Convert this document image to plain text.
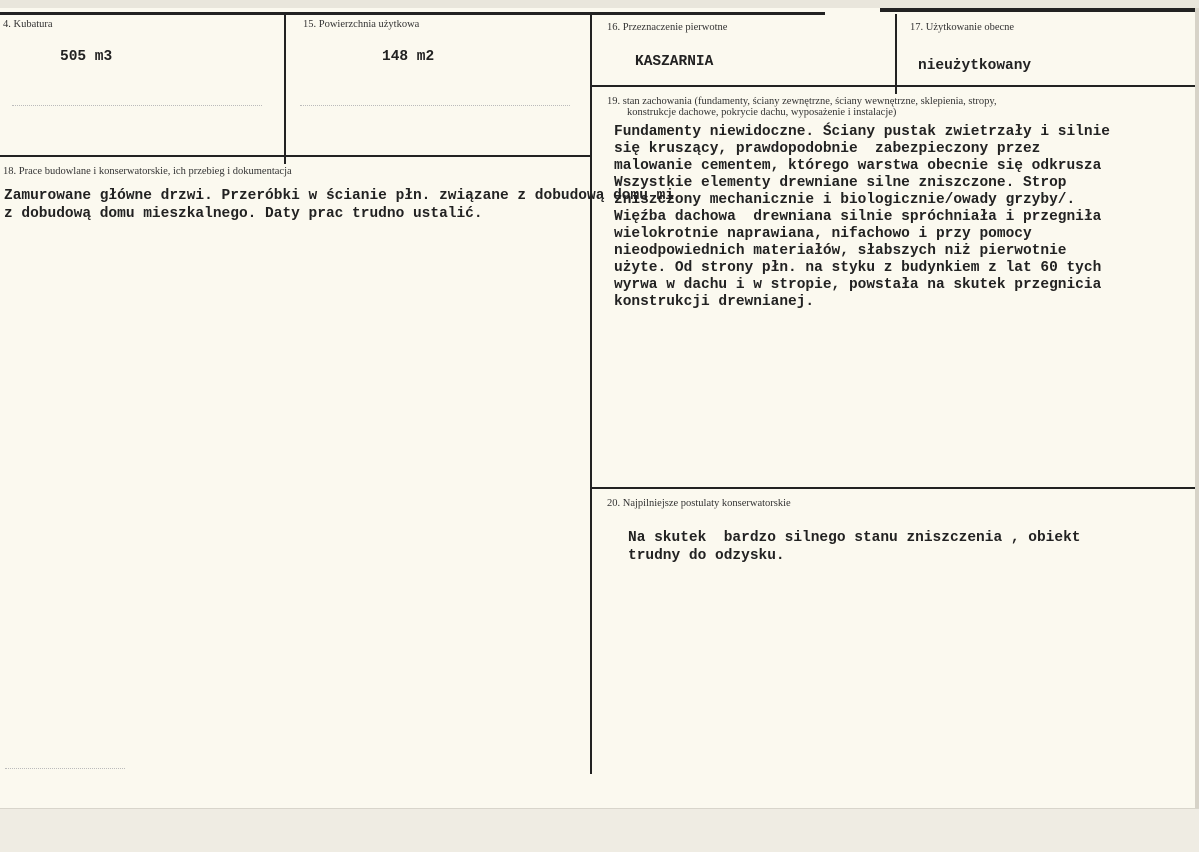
4. Kubatura
505 m3
15. Powierzchnia użytkowa
148 m2
16. Przeznaczenie pierwotne
KASZARNIA
17. Użytkowanie obecne
nieużytkowany
18. Prace budowlane i konserwatorskie, ich przebieg i dokumentacja
Zamurowane główne drzwi. Przeróbki w ścianie płn. związane z dobudową domu mi
z dobudową domu mieszkalnego. Daty prac trudno ustalić.
19. stan zachowania (fundamenty, ściany zewnętrzne, ściany wewnętrzne, sklepienia, stropy,
konstrukcje dachowe, pokrycie dachu, wyposażenie i instalacje)
Fundamenty niewidoczne. Ściany pustak zwietrzały i silnie
się kruszący, prawdopodobnie  zabezpieczony przez
malowanie cementem, którego warstwa obecnie się odkrusza
Wszystkie elementy drewniane silne zniszczone. Strop
zniszczony mechanicznie i biologicznie/owady grzyby/.
Więźba dachowa  drewniana silnie spróchniała i przegniła
wielokrotnie naprawiana, nifachowo i przy pomocy
nieodpowiednich materiałów, słabszych niż pierwotnie
użyte. Od strony płn. na styku z budynkiem z lat 60 tych
wyrwa w dachu i w stropie, powstała na skutek przegnicia
konstrukcji drewnianej.
20. Najpilniejsze postulaty konserwatorskie
Na skutek  bardzo silnego stanu zniszczenia , obiekt
trudny do odzysku.
